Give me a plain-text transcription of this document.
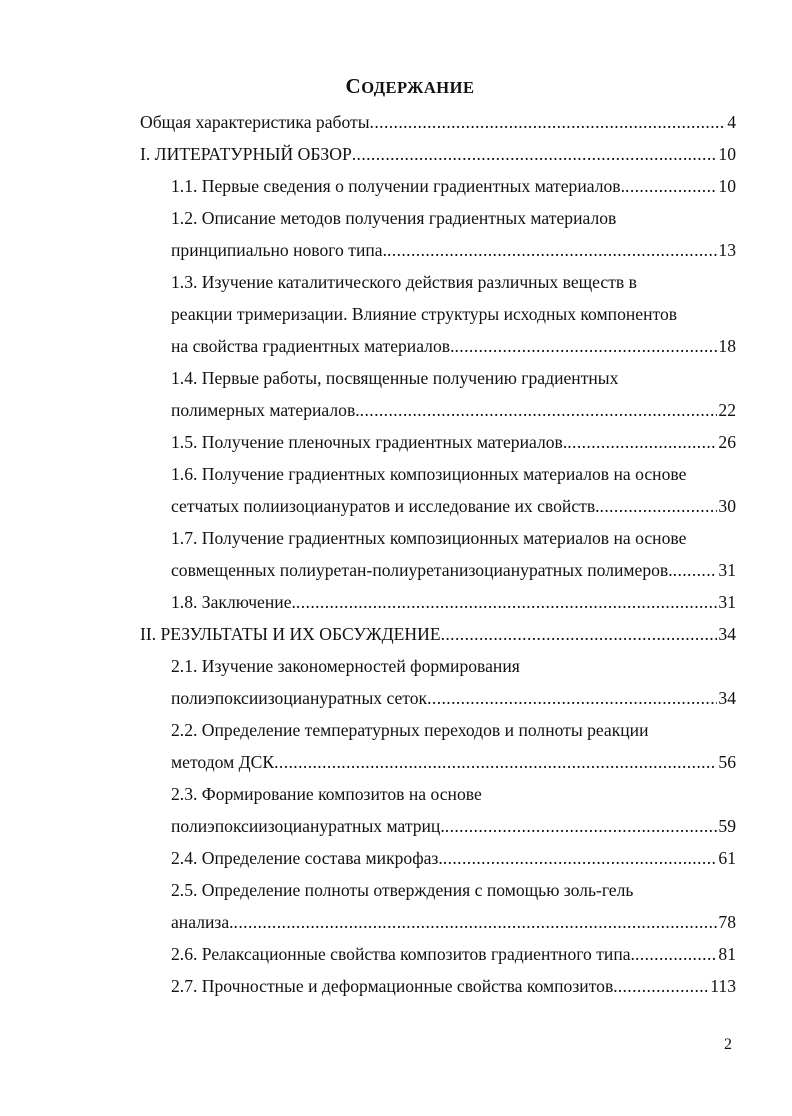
СОДЕРЖАНИЕ
Общая характеристика работы .....	4
I. ЛИТЕРАТУРНЫЙ ОБЗОР .....	10
1.1. Первые сведения о получении градиентных материалов. .....	10
1.2. Описание методов получения градиентных материалов
принципиально нового типа. .....	13
1.3. Изучение каталитического действия различных веществ в
реакции тримеризации. Влияние структуры исходных компонентов
на свойства градиентных материалов. .....	18
1.4. Первые работы, посвященные получению градиентных
полимерных материалов. .....	22
1.5. Получение пленочных градиентных материалов. .....	26
1.6. Получение градиентных композиционных материалов на основе
сетчатых полиизоциануратов и исследование их свойств. .....	30
1.7. Получение градиентных композиционных материалов на основе
совмещенных полиуретан-полиуретанизоциануратных полимеров. .....	31
1.8. Заключение. .....	31
II. РЕЗУЛЬТАТЫ И ИХ ОБСУЖДЕНИЕ .....	34
2.1. Изучение закономерностей формирования
полиэпоксиизоциануратных сеток .....	34
2.2. Определение температурных переходов и полноты реакции
методом ДСК .....	56
2.3. Формирование композитов на основе
полиэпоксиизоциануратных матриц. .....	59
2.4. Определение состава микрофаз. .....	61
2.5. Определение полноты отверждения с помощью золь-гель
анализа. .....	78
2.6. Релаксационные свойства композитов градиентного типа. .....	81
2.7. Прочностные и деформационные свойства композитов. .....	113
2
